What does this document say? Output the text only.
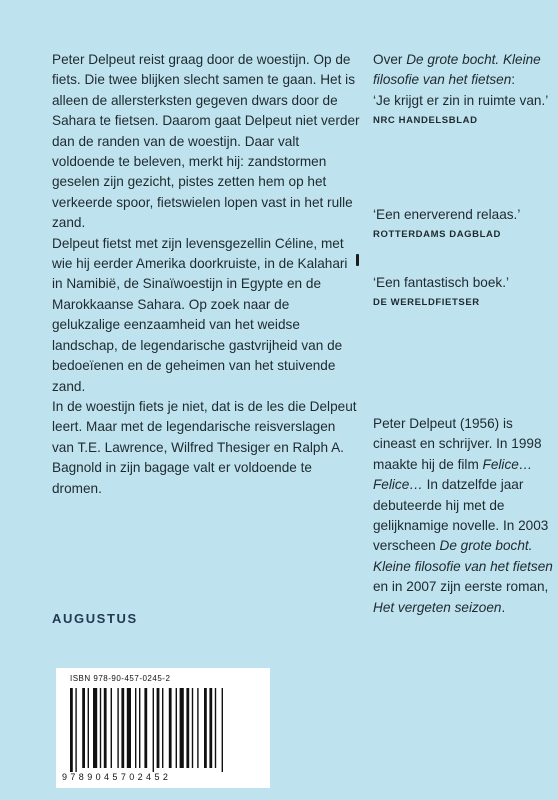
Peter Delpeut reist graag door de woestijn. Op de fiets. Die twee blijken slecht samen te gaan. Het is alleen de allersterksten gegeven dwars door de Sahara te fietsen. Daarom gaat Delpeut niet verder dan de randen van de woestijn. Daar valt voldoende te beleven, merkt hij: zandstormen geselen zijn gezicht, pistes zetten hem op het verkeerde spoor, fietswielen lopen vast in het rulle zand.

Delpeut fietst met zijn levensgezellin Céline, met wie hij eerder Amerika doorkruiste, in de Kalahari in Namibië, de Sinaïwoestijn in Egypte en de Marokkaanse Sahara. Op zoek naar de gelukzalige eenzaamheid van het weidse landschap, de legendarische gastvrijheid van de bedoeïenen en de geheimen van het stuivende zand.

In de woestijn fiets je niet, dat is de les die Delpeut leert. Maar met de legendarische reisverslagen van T.E. Lawrence, Wilfred Thesiger en Ralph A. Bagnold in zijn bagage valt er voldoende te dromen.

AUGUSTUS

Over De grote bocht. Kleine filosofie van het fietsen:

‘Je krijgt er zin in ruimte van.’

NRC HANDELSBLAD

‘Een enerverend relaas.’

ROTTERDAMS DAGBLAD

‘Een fantastisch boek.’

DE WERELDFIETSER

Peter Delpeut (1956) is cineast en schrijver. In 1998 maakte hij de film Felice… Felice… In datzelfde jaar debuteerde hij met de gelijknamige novelle. In 2003 verscheen De grote bocht. Kleine filosofie van het fietsen en in 2007 zijn eerste roman, Het vergeten seizoen.

ISBN 978-90-457-0245-2
9789045702452
